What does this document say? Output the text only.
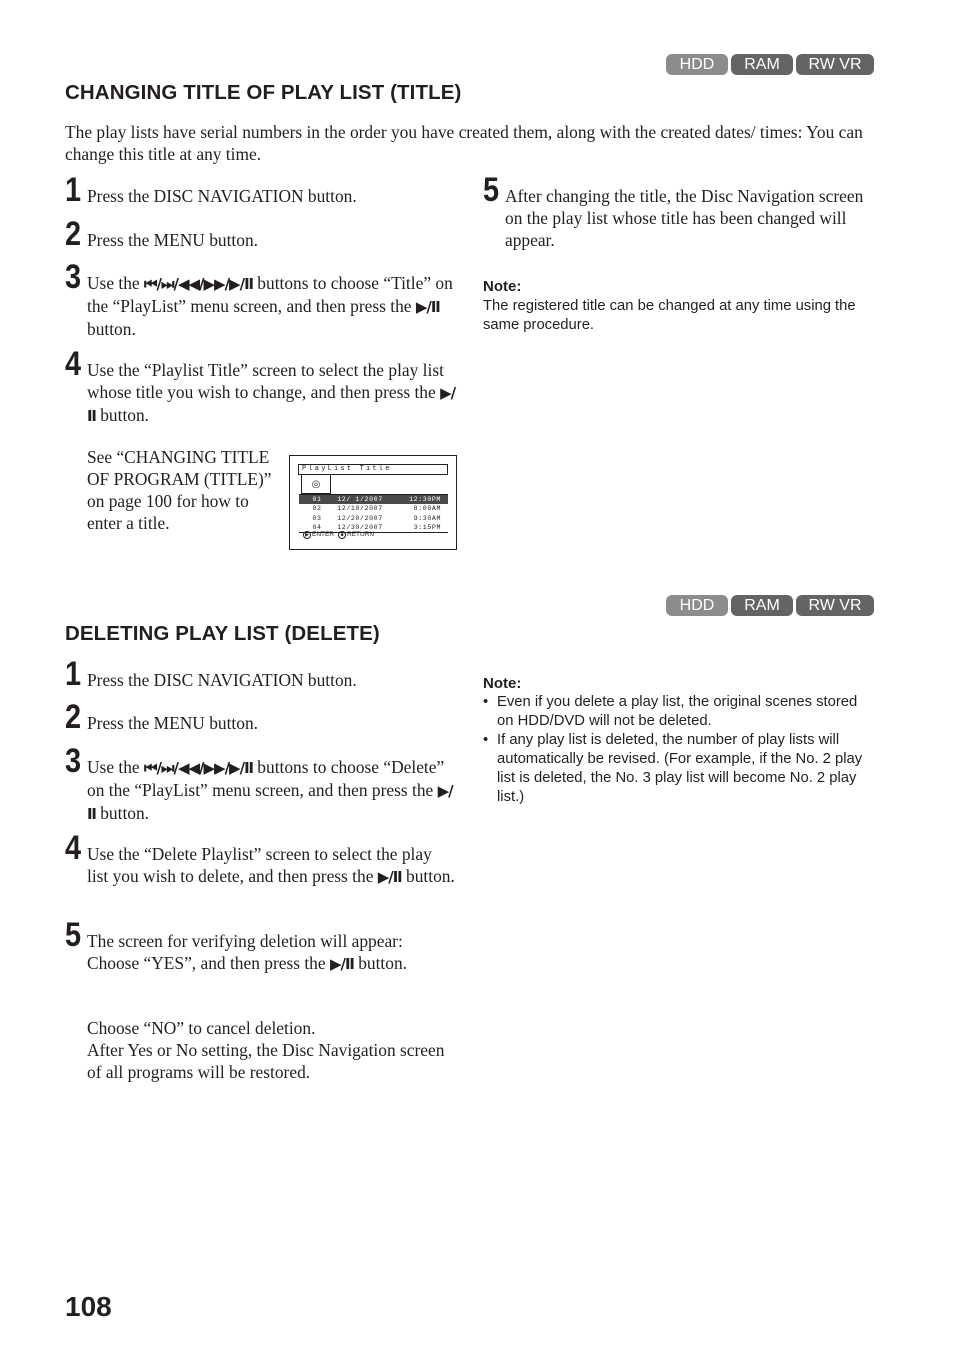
HDD	RAM	RW VR
CHANGING TITLE OF PLAY LIST (TITLE)

The play lists have serial numbers in the order you have created them, along with the created dates/ times: You can change this title at any time.

1 Press the DISC NAVIGATION button.
2 Press the MENU button.
3 Use the ⏮/⏭/◀◀/▶▶/▶/Ⅱ buttons to choose “Title” on the “PlayList” menu screen, and then press the ▶/Ⅱ button.
4 Use the “Playlist Title” screen to select the play list whose title you wish to change, and then press the ▶/Ⅱ button.

See “CHANGING TITLE OF PROGRAM (TITLE)” on page 100 for how to enter a title.

PlayList Title
◎
01	12/ 1/2007	12:30PM
02	12/10/2007	8:00AM
03	12/20/2007	9:30AM
04	12/30/2007	3:15PM
▶ ENTER	■ RETURN
5 After changing the title, the Disc Navigation screen on the play list whose title has been changed will appear.
Note:

The registered title can be changed at any time using the same procedure.

HDD	RAM	RW VR
DELETING PLAY LIST (DELETE)
1 Press the DISC NAVIGATION button.
2 Press the MENU button.
3 Use the ⏮/⏭/◀◀/▶▶/▶/Ⅱ buttons to choose “Delete” on the “PlayList” menu screen, and then press the ▶/Ⅱ button.
4 Use the “Delete Playlist” screen to select the play list you wish to delete, and then press the ▶/Ⅱ button.
5 The screen for verifying deletion will appear: Choose “YES”, and then press the ▶/Ⅱ button.

Choose “NO” to cancel deletion.

After Yes or No setting, the Disc Navigation screen of all programs will be restored.

Note:
• Even if you delete a play list, the original scenes stored on HDD/DVD will not be deleted.
• If any play list is deleted, the number of play lists will automatically be revised. (For example, if the No. 2 play list is deleted, the No. 3 play list will become No. 2 play list.)
108
